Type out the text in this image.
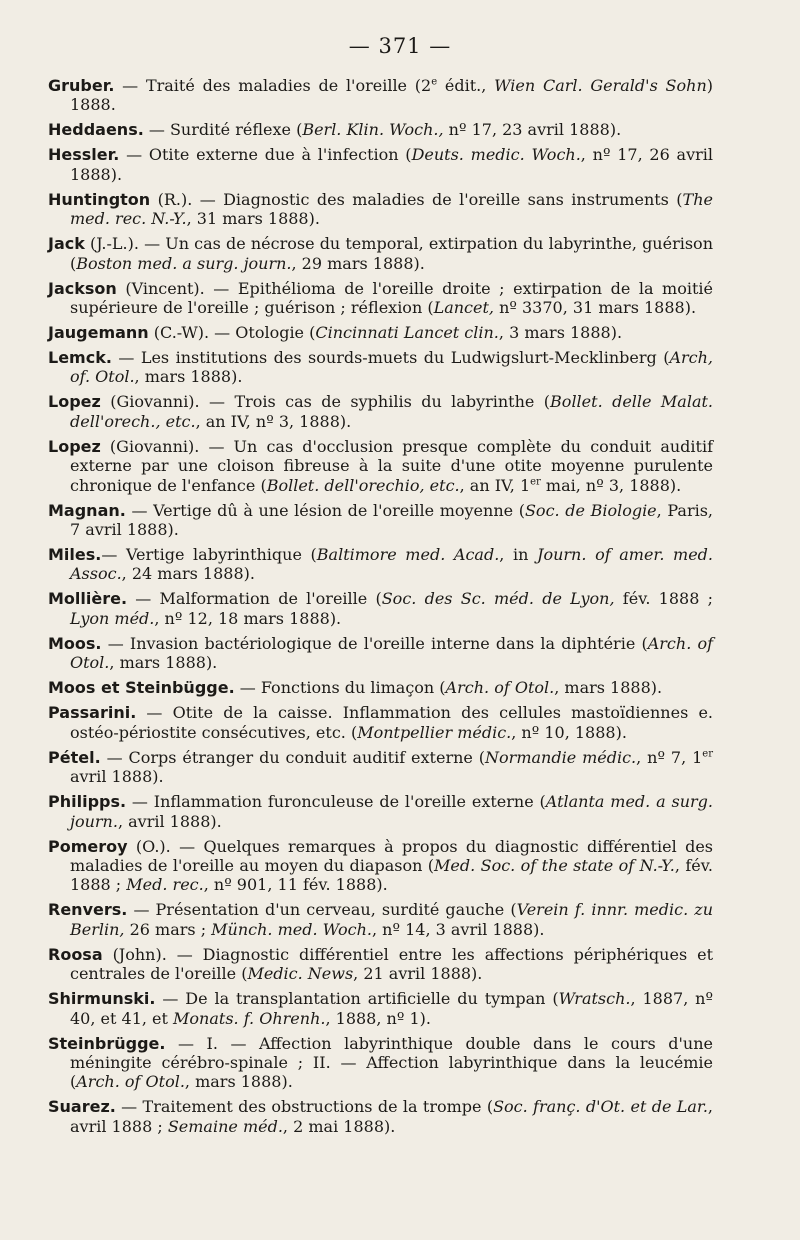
— 371 —
Gruber. — Traité des maladies de l'oreille (2e édit., Wien Carl. Gerald's Sohn) 1888.
Heddaens. — Surdité réflexe (Berl. Klin. Woch., nº 17, 23 avril 1888).
Hessler. — Otite externe due à l'infection (Deuts. medic. Woch., nº 17, 26 avril 1888).
Huntington (R.). — Diagnostic des maladies de l'oreille sans instruments (The med. rec. N.-Y., 31 mars 1888).
Jack (J.-L.). — Un cas de nécrose du temporal, extirpation du labyrinthe, guérison (Boston med. a surg. journ., 29 mars 1888).
Jackson (Vincent). — Epithélioma de l'oreille droite ; extirpation de la moitié supérieure de l'oreille ; guérison ; réflexion (Lancet, nº 3370, 31 mars 1888).
Jaugemann (C.-W). — Otologie (Cincinnati Lancet clin., 3 mars 1888).
Lemck. — Les institutions des sourds-muets du Ludwigslurt-Mecklinberg (Arch, of. Otol., mars 1888).
Lopez (Giovanni). — Trois cas de syphilis du labyrinthe (Bollet. delle Malat. dell'orech., etc., an IV, nº 3, 1888).
Lopez (Giovanni). — Un cas d'occlusion presque complète du conduit auditif externe par une cloison fibreuse à la suite d'une otite moyenne purulente chronique de l'enfance (Bollet. dell'orechio, etc., an IV, 1er mai, nº 3, 1888).
Magnan. — Vertige dû à une lésion de l'oreille moyenne (Soc. de Biologie, Paris, 7 avril 1888).
Miles.— Vertige labyrinthique (Baltimore med. Acad., in Journ. of amer. med. Assoc., 24 mars 1888).
Mollière. — Malformation de l'oreille (Soc. des Sc. méd. de Lyon, fév. 1888 ; Lyon méd., nº 12, 18 mars 1888).
Moos. — Invasion bactériologique de l'oreille interne dans la diphtérie (Arch. of Otol., mars 1888).
Moos et Steinbügge. — Fonctions du limaçon (Arch. of Otol., mars 1888).
Passarini. — Otite de la caisse. Inflammation des cellules mastoïdiennes e. ostéo-périostite consécutives, etc. (Montpellier médic., nº 10, 1888).
Pétel. — Corps étranger du conduit auditif externe (Normandie médic., nº 7, 1er avril 1888).
Philipps. — Inflammation furonculeuse de l'oreille externe (Atlanta med. a surg. journ., avril 1888).
Pomeroy (O.). — Quelques remarques à propos du diagnostic différentiel des maladies de l'oreille au moyen du diapason (Med. Soc. of the state of N.-Y., fév. 1888 ; Med. rec., nº 901, 11 fév. 1888).
Renvers. — Présentation d'un cerveau, surdité gauche (Verein f. innr. medic. zu Berlin, 26 mars ; Münch. med. Woch., nº 14, 3 avril 1888).
Roosa (John). — Diagnostic différentiel entre les affections périphériques et centrales de l'oreille (Medic. News, 21 avril 1888).
Shirmunski. — De la transplantation artificielle du tympan (Wratsch., 1887, nº 40, et 41, et Monats. f. Ohrenh., 1888, nº 1).
Steinbrügge. — I. — Affection labyrinthique double dans le cours d'une méningite cérébro-spinale ; II. — Affection labyrinthique dans la leucémie (Arch. of Otol., mars 1888).
Suarez. — Traitement des obstructions de la trompe (Soc. franç. d'Ot. et de Lar., avril 1888 ; Semaine méd., 2 mai 1888).
